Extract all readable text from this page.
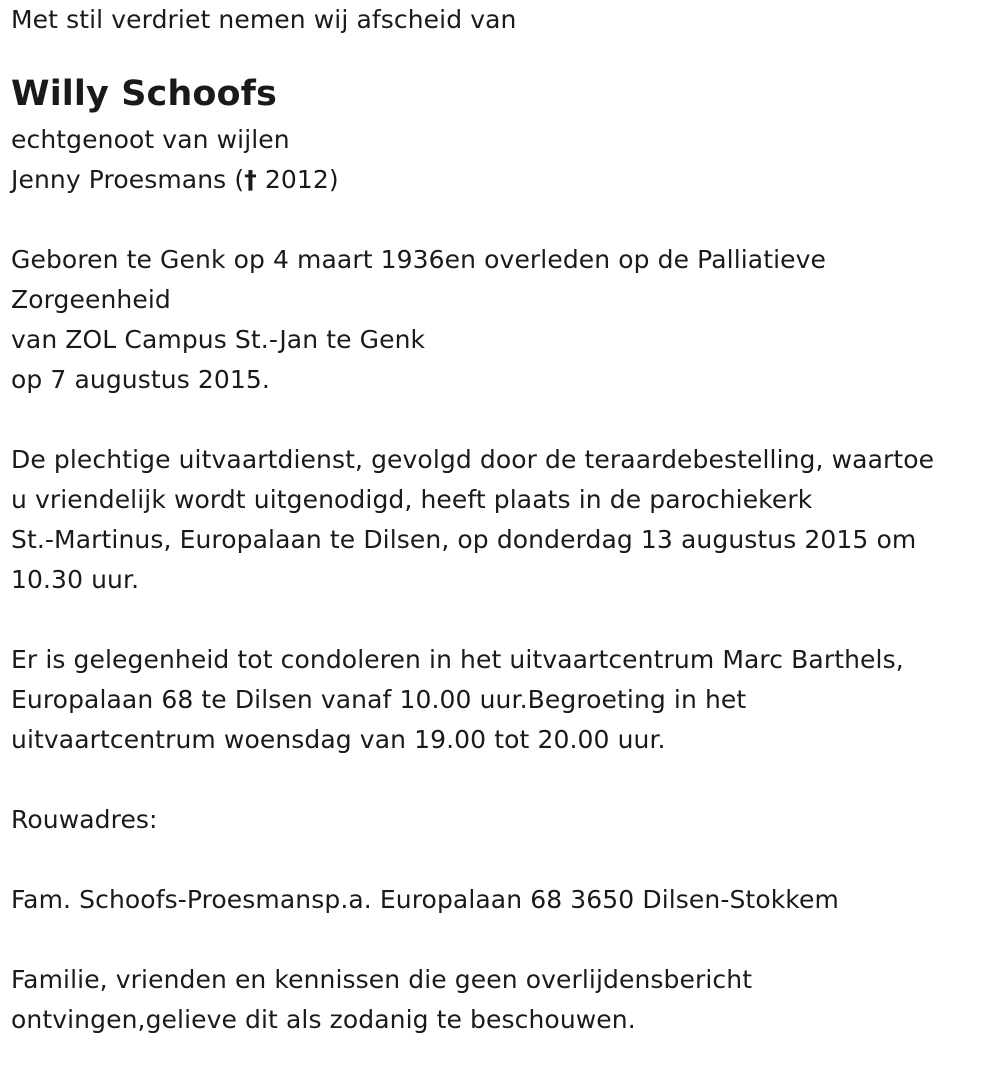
Met stil verdriet nemen wij afscheid van
Willy Schoofs
echtgenoot van wijlen
Jenny Proesmans († 2012)
Geboren te Genk op 4 maart 1936en overleden op de Palliatieve
Zorgeenheid
van ZOL Campus St.-Jan te Genk
op 7 augustus 2015.
De plechtige uitvaartdienst, gevolgd door de teraardebestelling, waartoe
u vriendelijk wordt uitgenodigd, heeft plaats in de parochiekerk
St.-Martinus, Europalaan te Dilsen, op donderdag 13 augustus 2015 om
10.30 uur.
Er is gelegenheid tot condoleren in het uitvaartcentrum Marc Barthels,
Europalaan 68 te Dilsen vanaf 10.00 uur.Begroeting in het
uitvaartcentrum woensdag van 19.00 tot 20.00 uur.
Rouwadres:
Fam. Schoofs-Proesmansp.a. Europalaan 68 3650 Dilsen-Stokkem
Familie, vrienden en kennissen die geen overlijdensbericht
ontvingen,gelieve dit als zodanig te beschouwen.
